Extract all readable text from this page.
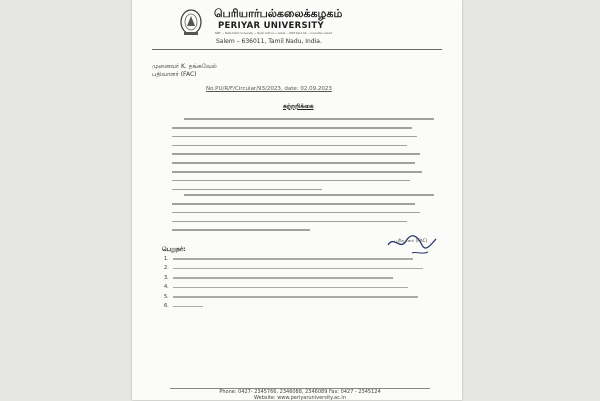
பெரியார்பல்கலைக்கழகம்
PERIYAR UNIVERSITY
NIRF — State Public University — NAAC with A++ Grade — NIRF Rank 69 — Innovation Award
Salem – 636011, Tamil Nadu, India.
முனைவர் K. தங்கவேல்
பதிவாளர் (FAC)
No.PU/R/F/Circular/93/2023, date: 02.09.2023
சுற்றறிக்கை
பதிவாளர் (FAC)
பெறுநர்:
1.
2.
3.
4.
5.
6.
Phone: 0427- 2345766, 2346088, 2346089 Fax: 0427 - 2345124
Website: www.periyaruniversity.ac.in
